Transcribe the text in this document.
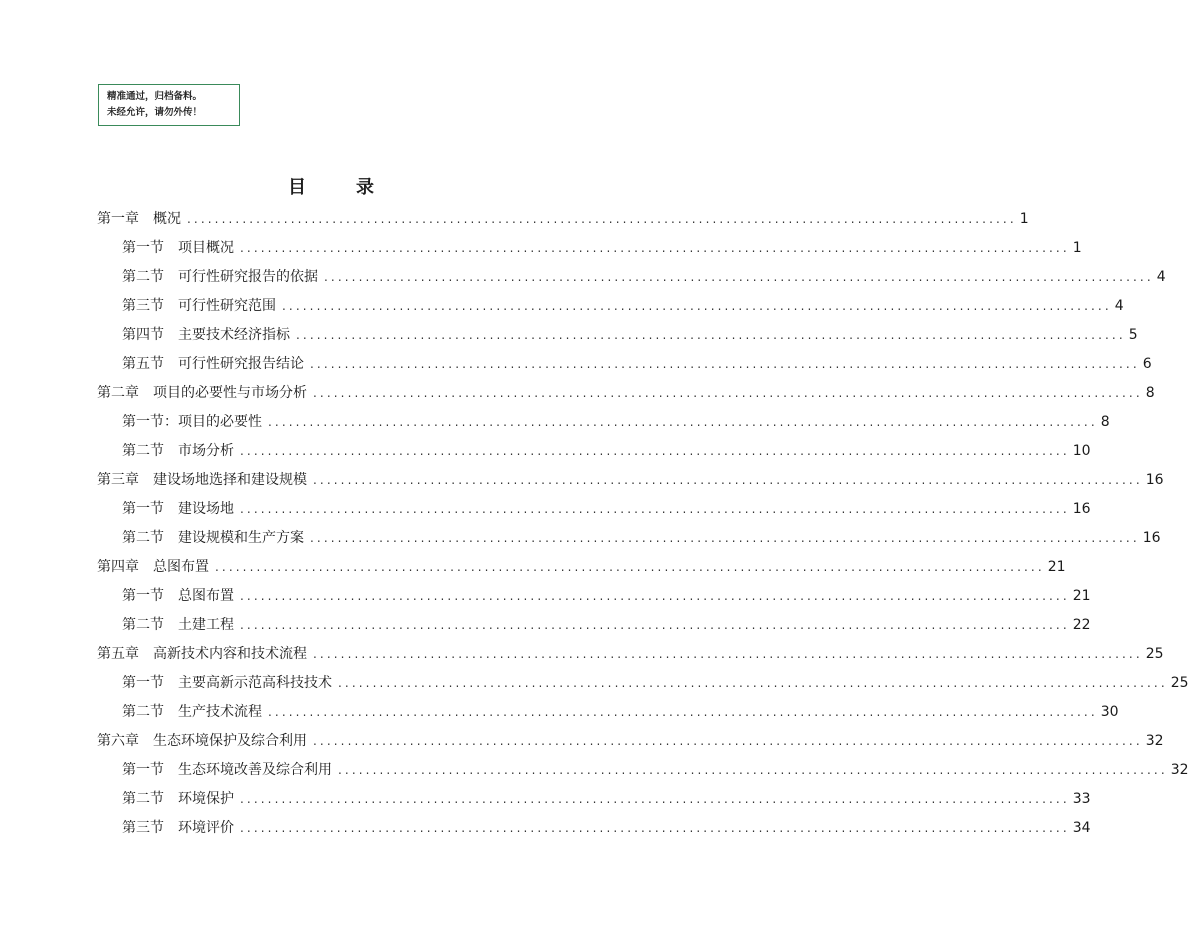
精准通过，归档备料。
未经允许，请勿外传！
目	录
第一章　概况 ........................................................................................................................ 1
第一节　项目概况 ........................................................................................................................ 1
第二节　可行性研究报告的依据 ........................................................................................................................ 4
第三节　可行性研究范围 ........................................................................................................................ 4
第四节　主要技术经济指标 ........................................................................................................................ 5
第五节　可行性研究报告结论 ........................................................................................................................ 6
第二章　项目的必要性与市场分析 ........................................................................................................................ 8
第一节：项目的必要性 ........................................................................................................................ 8
第二节　市场分析 ........................................................................................................................ 10
第三章　建设场地选择和建设规模 ........................................................................................................................ 16
第一节　建设场地 ........................................................................................................................ 16
第二节　建设规模和生产方案 ........................................................................................................................ 16
第四章　总图布置 ........................................................................................................................ 21
第一节　总图布置 ........................................................................................................................ 21
第二节　土建工程 ........................................................................................................................ 22
第五章　高新技术内容和技术流程 ........................................................................................................................ 25
第一节　主要高新示范高科技技术 ........................................................................................................................ 25
第二节　生产技术流程 ........................................................................................................................ 30
第六章　生态环境保护及综合利用 ........................................................................................................................ 32
第一节　生态环境改善及综合利用 ........................................................................................................................ 32
第二节　环境保护 ........................................................................................................................ 33
第三节　环境评价 ........................................................................................................................ 34
